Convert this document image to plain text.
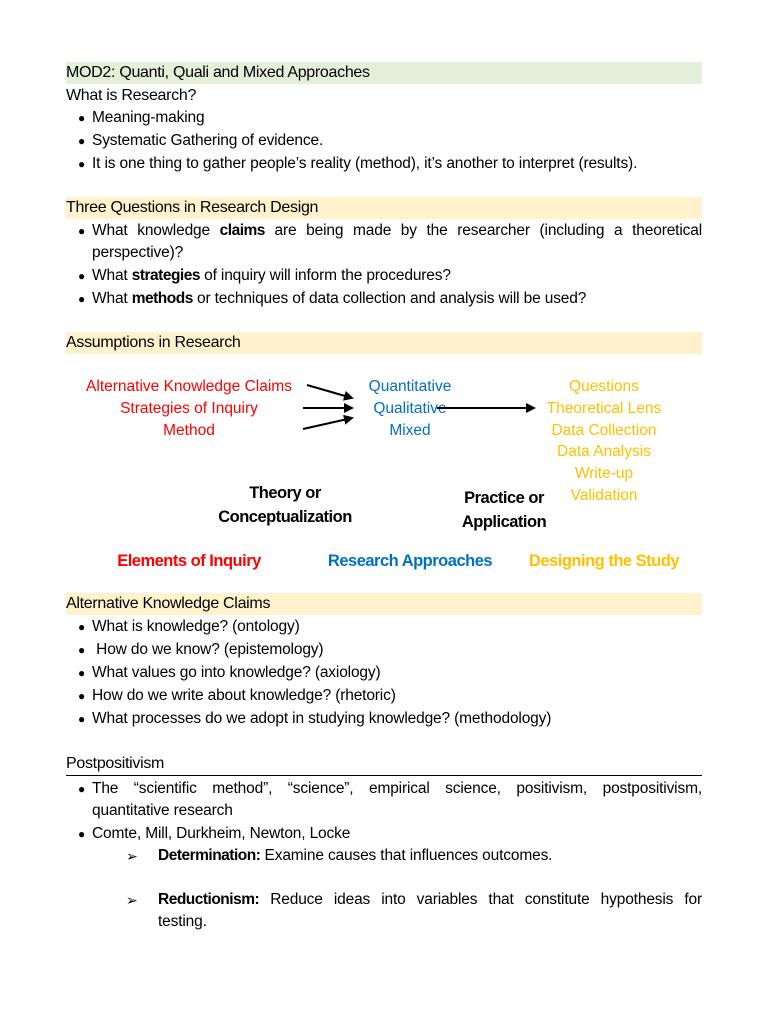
MOD2: Quanti, Quali and Mixed Approaches
What is Research?
● Meaning-making
● Systematic Gathering of evidence.
● It is one thing to gather people’s reality (method), it’s another to interpret (results).
Three Questions in Research Design
● What knowledge claims are being made by the researcher (including a theoretical
perspective)?
● What strategies of inquiry will inform the procedures?
● What methods or techniques of data collection and analysis will be used?
Assumptions in Research
Alternative Knowledge Claims
Strategies of Inquiry
Method
Quantitative
Qualitative
Mixed
Questions
Theoretical Lens
Data Collection
Data Analysis
Write-up
Validation
Theory or
Conceptualization
Practice or
Application
Elements of Inquiry	Research Approaches	Designing the Study
Alternative Knowledge Claims
● What is knowledge? (ontology)
● How do we know? (epistemology)
● What values go into knowledge? (axiology)
● How do we write about knowledge? (rhetoric)
● What processes do we adopt in studying knowledge? (methodology)
Postpositivism
● The “scientific method”, “science”, empirical science, positivism, postpositivism,
quantitative research
● Comte, Mill, Durkheim, Newton, Locke
➢ Determination: Examine causes that influences outcomes.
➢ Reductionism: Reduce ideas into variables that constitute hypothesis for
testing.
